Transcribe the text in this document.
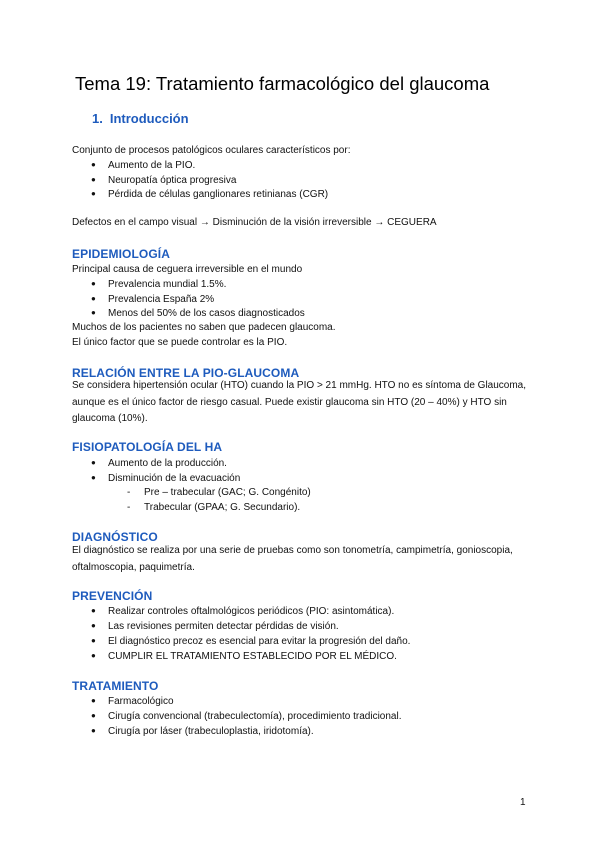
Tema 19: Tratamiento farmacológico del glaucoma
1. Introducción

Conjunto de procesos patológicos oculares característicos por:

● Aumento de la PIO.
● Neuropatía óptica progresiva
● Pérdida de células ganglionares retinianas (CGR)

Defectos en el campo visual → Disminución de la visión irreversible → CEGUERA

EPIDEMIOLOGÍA

Principal causa de ceguera irreversible en el mundo

● Prevalencia mundial 1.5%.
● Prevalencia España 2%
● Menos del 50% de los casos diagnosticados

Muchos de los pacientes no saben que padecen glaucoma.

El único factor que se puede controlar es la PIO.

RELACIÓN ENTRE LA PIO-GLAUCOMA

Se considera hipertensión ocular (HTO) cuando la PIO > 21 mmHg. HTO no es síntoma de Glaucoma, aunque es el único factor de riesgo casual. Puede existir glaucoma sin HTO (20 – 40%) y HTO sin glaucoma (10%).

FISIOPATOLOGÍA DEL HA
● Aumento de la producción.
● Disminución de la evacuación
- Pre – trabecular (GAC; G. Congénito)
- Trabecular (GPAA; G. Secundario).
DIAGNÓSTICO

El diagnóstico se realiza por una serie de pruebas como son tonometría, campimetría, gonioscopia, oftalmoscopia, paquimetría.

PREVENCIÓN
● Realizar controles oftalmológicos periódicos (PIO: asintomática).
● Las revisiones permiten detectar pérdidas de visión.
● El diagnóstico precoz es esencial para evitar la progresión del daño.
● CUMPLIR EL TRATAMIENTO ESTABLECIDO POR EL MÉDICO.
TRATAMIENTO
● Farmacológico
● Cirugía convencional (trabeculectomía), procedimiento tradicional.
● Cirugía por láser (trabeculoplastia, iridotomía).
1
